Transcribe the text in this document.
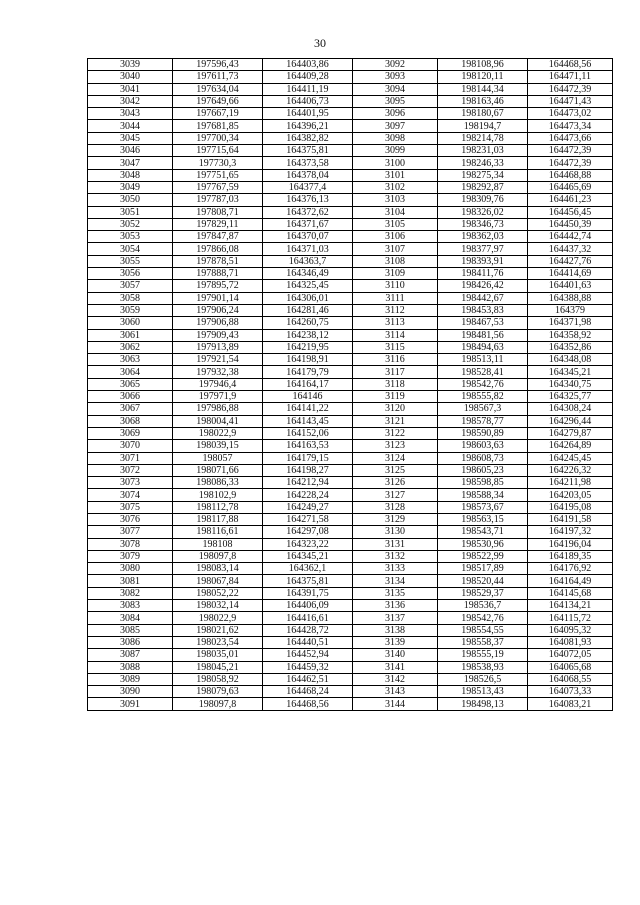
30
3039	197596,43	164403,86	3092	198108,96	164468,56
3040	197611,73	164409,28	3093	198120,11	164471,11
3041	197634,04	164411,19	3094	198144,34	164472,39
3042	197649,66	164406,73	3095	198163,46	164471,43
3043	197667,19	164401,95	3096	198180,67	164473,02
3044	197681,85	164396,21	3097	198194,7	164473,34
3045	197700,34	164382,82	3098	198214,78	164473,66
3046	197715,64	164375,81	3099	198231,03	164472,39
3047	197730,3	164373,58	3100	198246,33	164472,39
3048	197751,65	164378,04	3101	198275,34	164468,88
3049	197767,59	164377,4	3102	198292,87	164465,69
3050	197787,03	164376,13	3103	198309,76	164461,23
3051	197808,71	164372,62	3104	198326,02	164456,45
3052	197829,11	164371,67	3105	198346,73	164450,39
3053	197847,87	164370,07	3106	198362,03	164442,74
3054	197866,08	164371,03	3107	198377,97	164437,32
3055	197878,51	164363,7	3108	198393,91	164427,76
3056	197888,71	164346,49	3109	198411,76	164414,69
3057	197895,72	164325,45	3110	198426,42	164401,63
3058	197901,14	164306,01	3111	198442,67	164388,88
3059	197906,24	164281,46	3112	198453,83	164379
3060	197906,88	164260,75	3113	198467,53	164371,98
3061	197909,43	164238,12	3114	198481,56	164358,92
3062	197913,89	164219,95	3115	198494,63	164352,86
3063	197921,54	164198,91	3116	198513,11	164348,08
3064	197932,38	164179,79	3117	198528,41	164345,21
3065	197946,4	164164,17	3118	198542,76	164340,75
3066	197971,9	164146	3119	198555,82	164325,77
3067	197986,88	164141,22	3120	198567,3	164308,24
3068	198004,41	164143,45	3121	198578,77	164296,44
3069	198022,9	164152,06	3122	198590,89	164279,87
3070	198039,15	164163,53	3123	198603,63	164264,89
3071	198057	164179,15	3124	198608,73	164245,45
3072	198071,66	164198,27	3125	198605,23	164226,32
3073	198086,33	164212,94	3126	198598,85	164211,98
3074	198102,9	164228,24	3127	198588,34	164203,05
3075	198112,78	164249,27	3128	198573,67	164195,08
3076	198117,88	164271,58	3129	198563,15	164191,58
3077	198116,61	164297,08	3130	198543,71	164197,32
3078	198108	164323,22	3131	198530,96	164196,04
3079	198097,8	164345,21	3132	198522,99	164189,35
3080	198083,14	164362,1	3133	198517,89	164176,92
3081	198067,84	164375,81	3134	198520,44	164164,49
3082	198052,22	164391,75	3135	198529,37	164145,68
3083	198032,14	164406,09	3136	198536,7	164134,21
3084	198022,9	164416,61	3137	198542,76	164115,72
3085	198021,62	164428,72	3138	198554,55	164095,32
3086	198023,54	164440,51	3139	198558,37	164081,93
3087	198035,01	164452,94	3140	198555,19	164072,05
3088	198045,21	164459,32	3141	198538,93	164065,68
3089	198058,92	164462,51	3142	198526,5	164068,55
3090	198079,63	164468,24	3143	198513,43	164073,33
3091	198097,8	164468,56	3144	198498,13	164083,21
